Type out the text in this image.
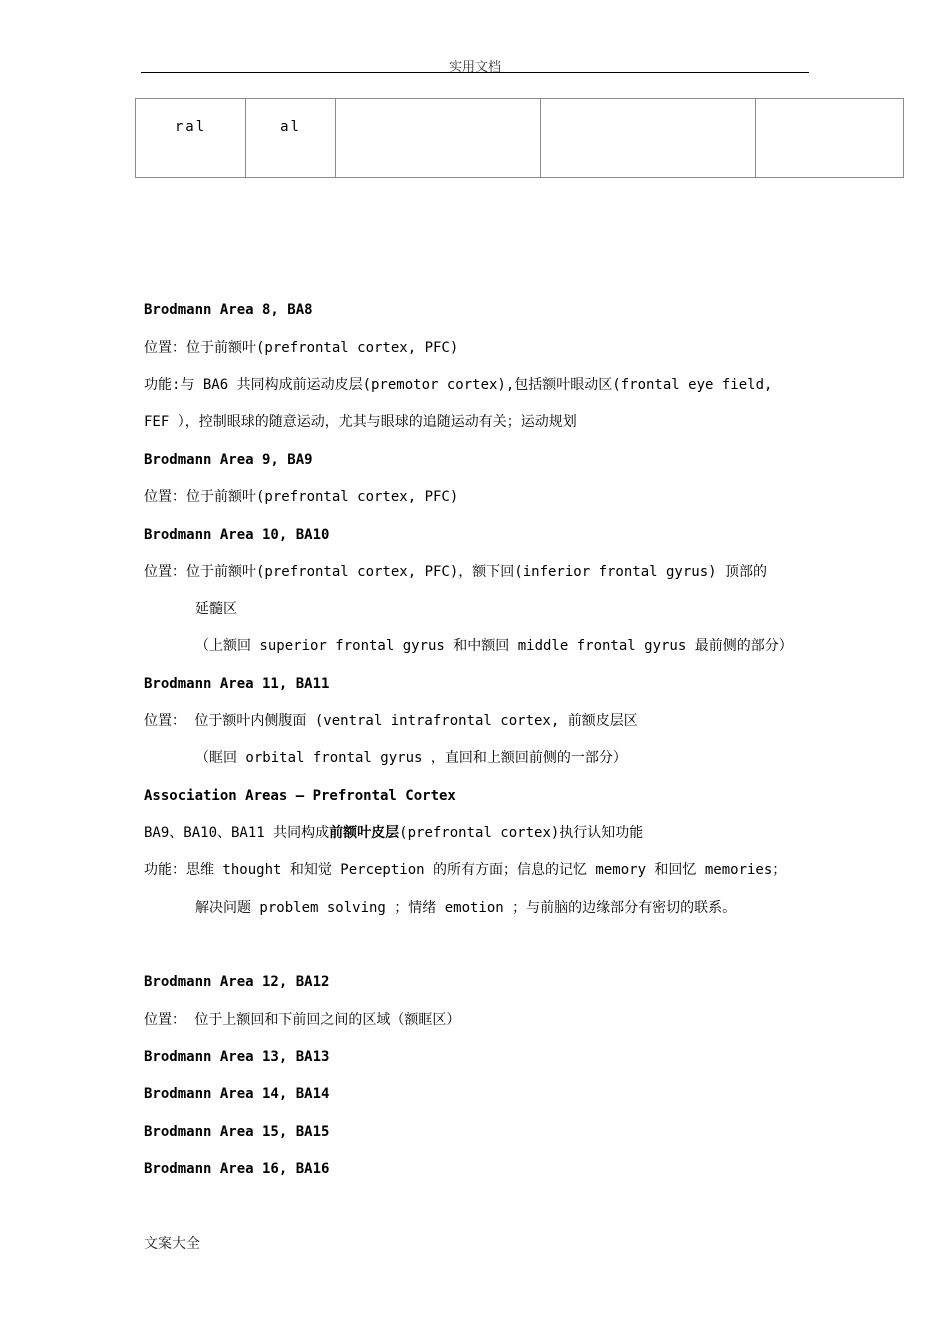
实用文档
ral	al			
Brodmann Area 8, BA8
位置：位于前额叶(prefrontal cortex, PFC)
功能:与 BA6 共同构成前运动皮层(premotor cortex),包括额叶眼动区(frontal eye field,
FEF ），控制眼球的随意运动，尤其与眼球的追随运动有关；运动规划
Brodmann Area 9, BA9
位置：位于前额叶(prefrontal cortex, PFC)
Brodmann Area 10, BA10
位置：位于前额叶(prefrontal cortex, PFC)，额下回(inferior frontal gyrus) 顶部的
延髓区
（上额回 superior frontal gyrus 和中额回 middle frontal gyrus 最前侧的部分）
Brodmann Area 11, BA11
位置： 位于额叶内侧腹面 (ventral intrafrontal cortex, 前额皮层区
（眶回 orbital frontal gyrus ，直回和上额回前侧的一部分）
Association Areas – Prefrontal Cortex
BA9、BA10、BA11 共同构成前额叶皮层(prefrontal cortex)执行认知功能
功能：思维 thought 和知觉 Perception 的所有方面；信息的记忆 memory 和回忆 memories；
解决问题 problem solving ；情绪 emotion ；与前脑的边缘部分有密切的联系。
Brodmann Area 12, BA12
位置： 位于上额回和下前回之间的区域（额眶区）
Brodmann Area 13, BA13
Brodmann Area 14, BA14
Brodmann Area 15, BA15
Brodmann Area 16, BA16
文案大全
